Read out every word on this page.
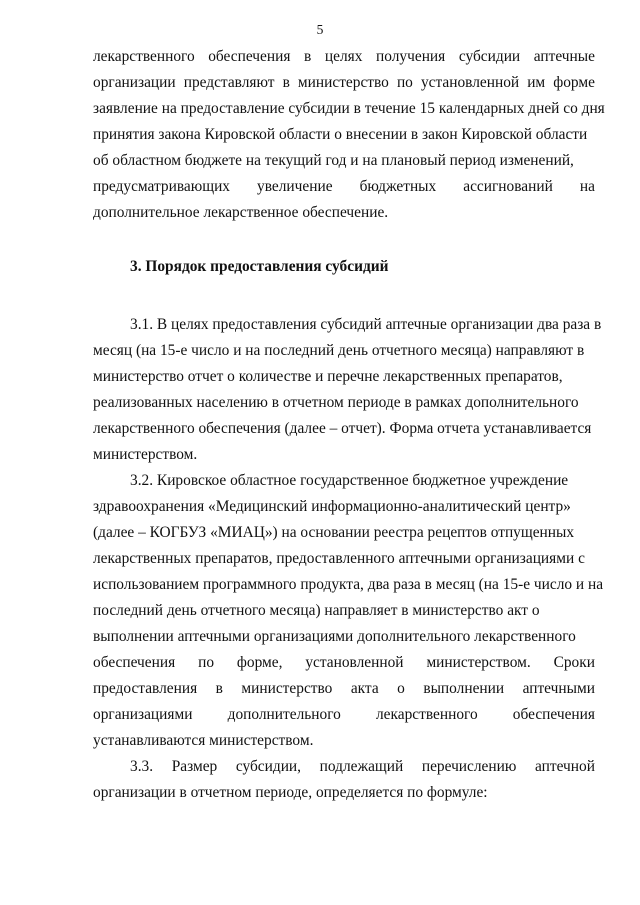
5
лекарственного обеспечения в целях получения субсидии аптечные
организации представляют в министерство по установленной им форме
заявление на предоставление субсидии в течение 15 календарных дней со дня
принятия закона Кировской области о внесении в закон Кировской области
об областном бюджете на текущий год и на плановый период изменений,
предусматривающих увеличение бюджетных ассигнований на
дополнительное лекарственное обеспечение.
3. Порядок предоставления субсидий
3.1. В целях предоставления субсидий аптечные организации два раза в
месяц (на 15-е число и на последний день отчетного месяца) направляют в
министерство отчет о количестве и перечне лекарственных препаратов,
реализованных населению в отчетном периоде в рамках дополнительного
лекарственного обеспечения (далее – отчет). Форма отчета устанавливается
министерством.
3.2. Кировское областное государственное бюджетное учреждение
здравоохранения «Медицинский информационно-аналитический центр»
(далее – КОГБУЗ «МИАЦ») на основании реестра рецептов отпущенных
лекарственных препаратов, предоставленного аптечными организациями с
использованием программного продукта, два раза в месяц (на 15-е число и на
последний день отчетного месяца) направляет в министерство акт о
выполнении аптечными организациями дополнительного лекарственного
обеспечения по форме, установленной министерством. Сроки
предоставления в министерство акта о выполнении аптечными
организациями дополнительного лекарственного обеспечения
устанавливаются министерством.
3.3. Размер субсидии, подлежащий перечислению аптечной
организации в отчетном периоде, определяется по формуле:
